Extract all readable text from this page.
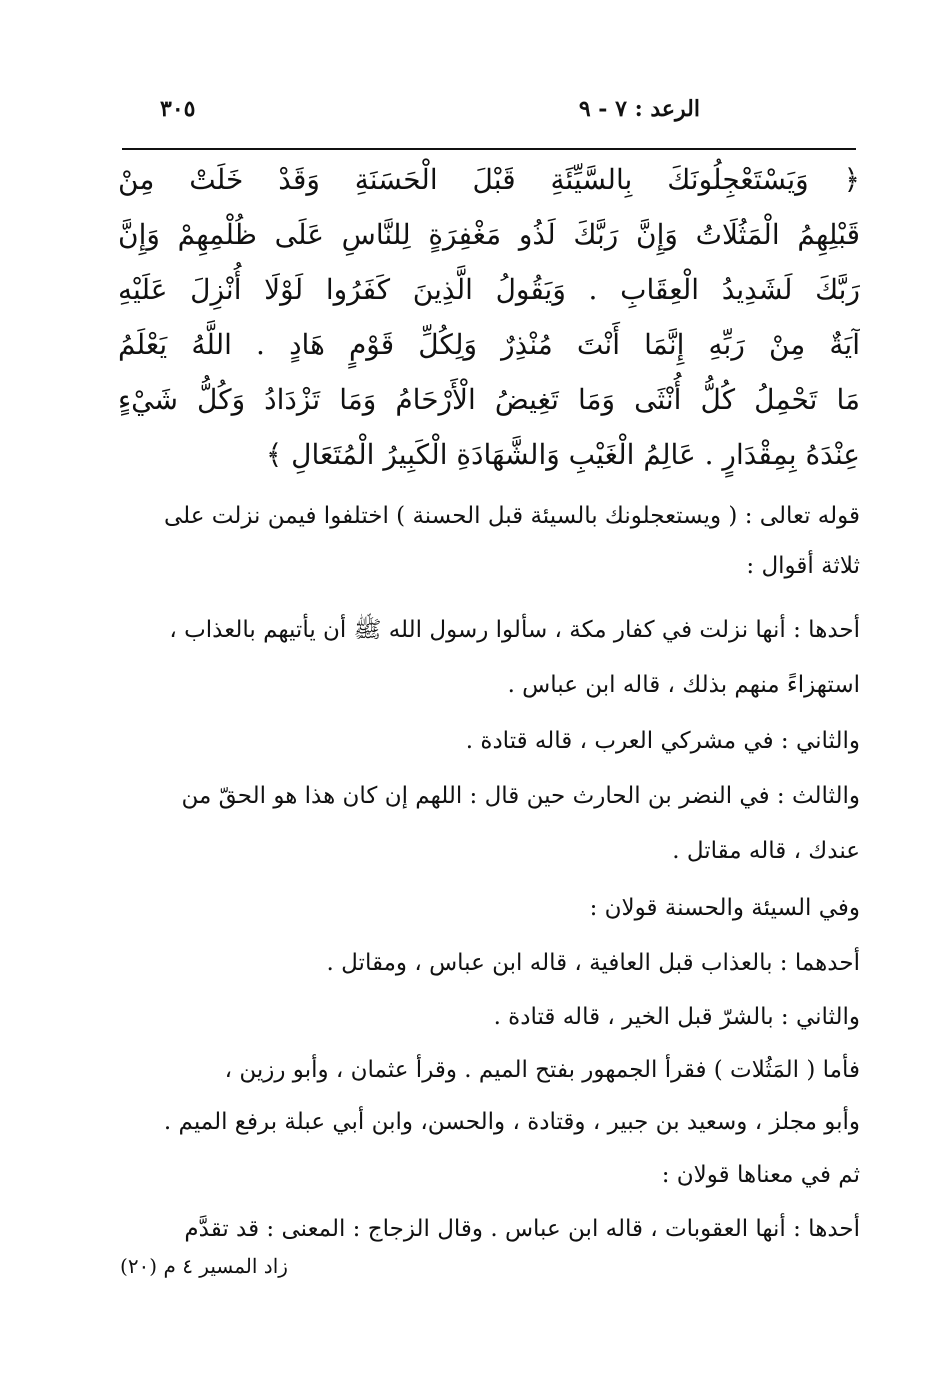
الرعد : ٧ - ٩
٣٠٥
﴿ وَيَسْتَعْجِلُونَكَ بِالسَّيِّئَةِ قَبْلَ الْحَسَنَةِ وَقَدْ خَلَتْ مِنْ
قَبْلِهِمُ الْمَثُلَاتُ وَإِنَّ رَبَّكَ لَذُو مَغْفِرَةٍ لِلنَّاسِ عَلَى ظُلْمِهِمْ وَإِنَّ
رَبَّكَ لَشَدِيدُ الْعِقَابِ . وَيَقُولُ الَّذِينَ كَفَرُوا لَوْلَا أُنْزِلَ عَلَيْهِ
آيَةٌ مِنْ رَبِّهِ إِنَّمَا أَنْتَ مُنْذِرٌ وَلِكُلِّ قَوْمٍ هَادٍ . اللَّهُ يَعْلَمُ
مَا تَحْمِلُ كُلُّ أُنْثَى وَمَا تَغِيضُ الْأَرْحَامُ وَمَا تَزْدَادُ وَكُلُّ شَيْءٍ
عِنْدَهُ بِمِقْدَارٍ . عَالِمُ الْغَيْبِ وَالشَّهَادَةِ الْكَبِيرُ الْمُتَعَالِ ﴾
قوله تعالى : ( ويستعجلونك بالسيئة قبل الحسنة ) اختلفوا فيمن نزلت على
ثلاثة أقوال :
أحدها : أنها نزلت في كفار مكة ، سألوا رسول الله ﷺ أن يأتيهم بالعذاب ،
استهزاءً منهم بذلك ، قاله ابن عباس .
والثاني : في مشركي العرب ، قاله قتادة .
والثالث : في النضر بن الحارث حين قال : اللهم إن كان هذا هو الحقّ من
عندك ، قاله مقاتل .
وفي السيئة والحسنة قولان :
أحدهما : بالعذاب قبل العافية ، قاله ابن عباس ، ومقاتل .
والثاني : بالشرّ قبل الخير ، قاله قتادة .
فأما ( المَثُلات ) فقرأ الجمهور بفتح الميم . وقرأ عثمان ، وأبو رزين ،
وأبو مجلز ، وسعيد بن جبير ، وقتادة ، والحسن، وابن أبي عبلة برفع الميم .
ثم في معناها قولان :
أحدها : أنها العقوبات ، قاله ابن عباس . وقال الزجاج : المعنى : قد تقدَّم
زاد المسير ٤ م (٢٠)
